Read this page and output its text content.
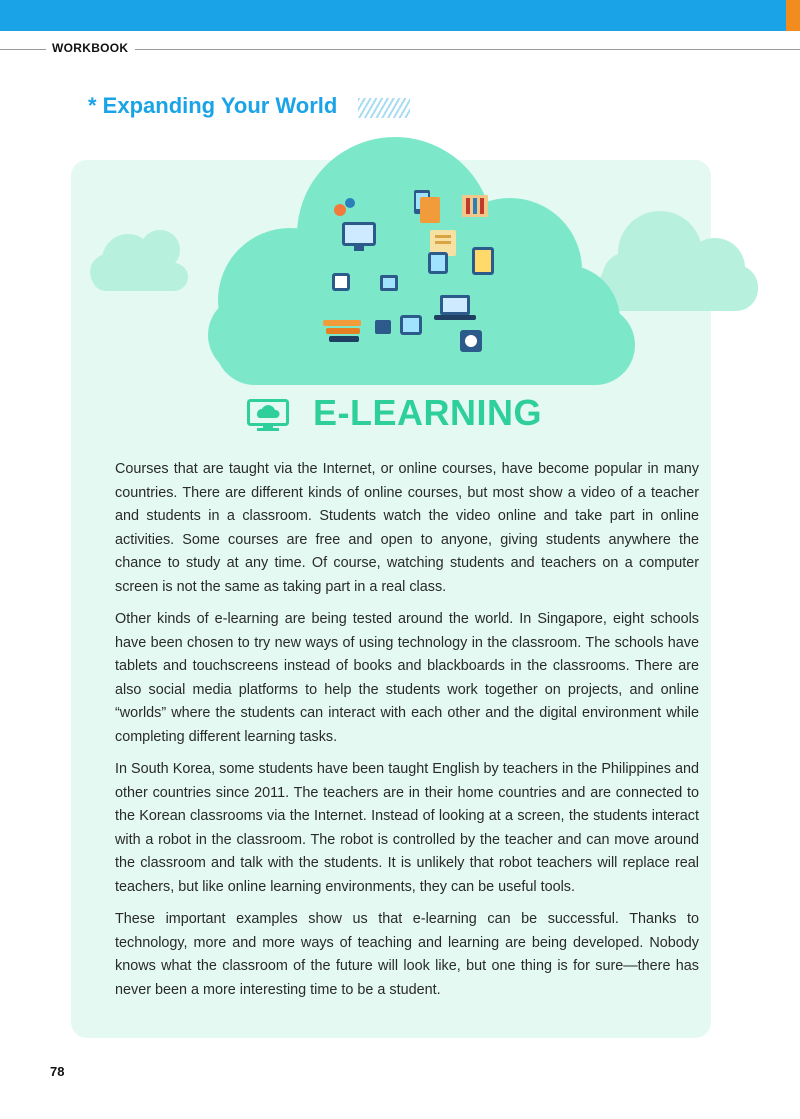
WORKBOOK
* Expanding Your World
E-LEARNING

Courses that are taught via the Internet, or online courses, have become popular in many countries. There are different kinds of online courses, but most show a video of a teacher and students in a classroom. Students watch the video online and take part in online activities. Some courses are free and open to anyone, giving students anywhere the chance to study at any time. Of course, watching students and teachers on a computer screen is not the same as taking part in a real class.

Other kinds of e-learning are being tested around the world. In Singapore, eight schools have been chosen to try new ways of using technology in the classroom. The schools have tablets and touchscreens instead of books and blackboards in the classrooms. There are also social media platforms to help the students work together on projects, and online “worlds” where the students can interact with each other and the digital environment while completing different learning tasks.

In South Korea, some students have been taught English by teachers in the Philippines and other countries since 2011. The teachers are in their home countries and are connected to the Korean classrooms via the Internet. Instead of looking at a screen, the students interact with a robot in the classroom. The robot is controlled by the teacher and can move around the classroom and talk with the students. It is unlikely that robot teachers will replace real teachers, but like online learning environments, they can be useful tools.

These important examples show us that e-learning can be successful. Thanks to technology, more and more ways of teaching and learning are being developed. Nobody knows what the classroom of the future will look like, but one thing is for sure—there has never been a more interesting time to be a student.

78
